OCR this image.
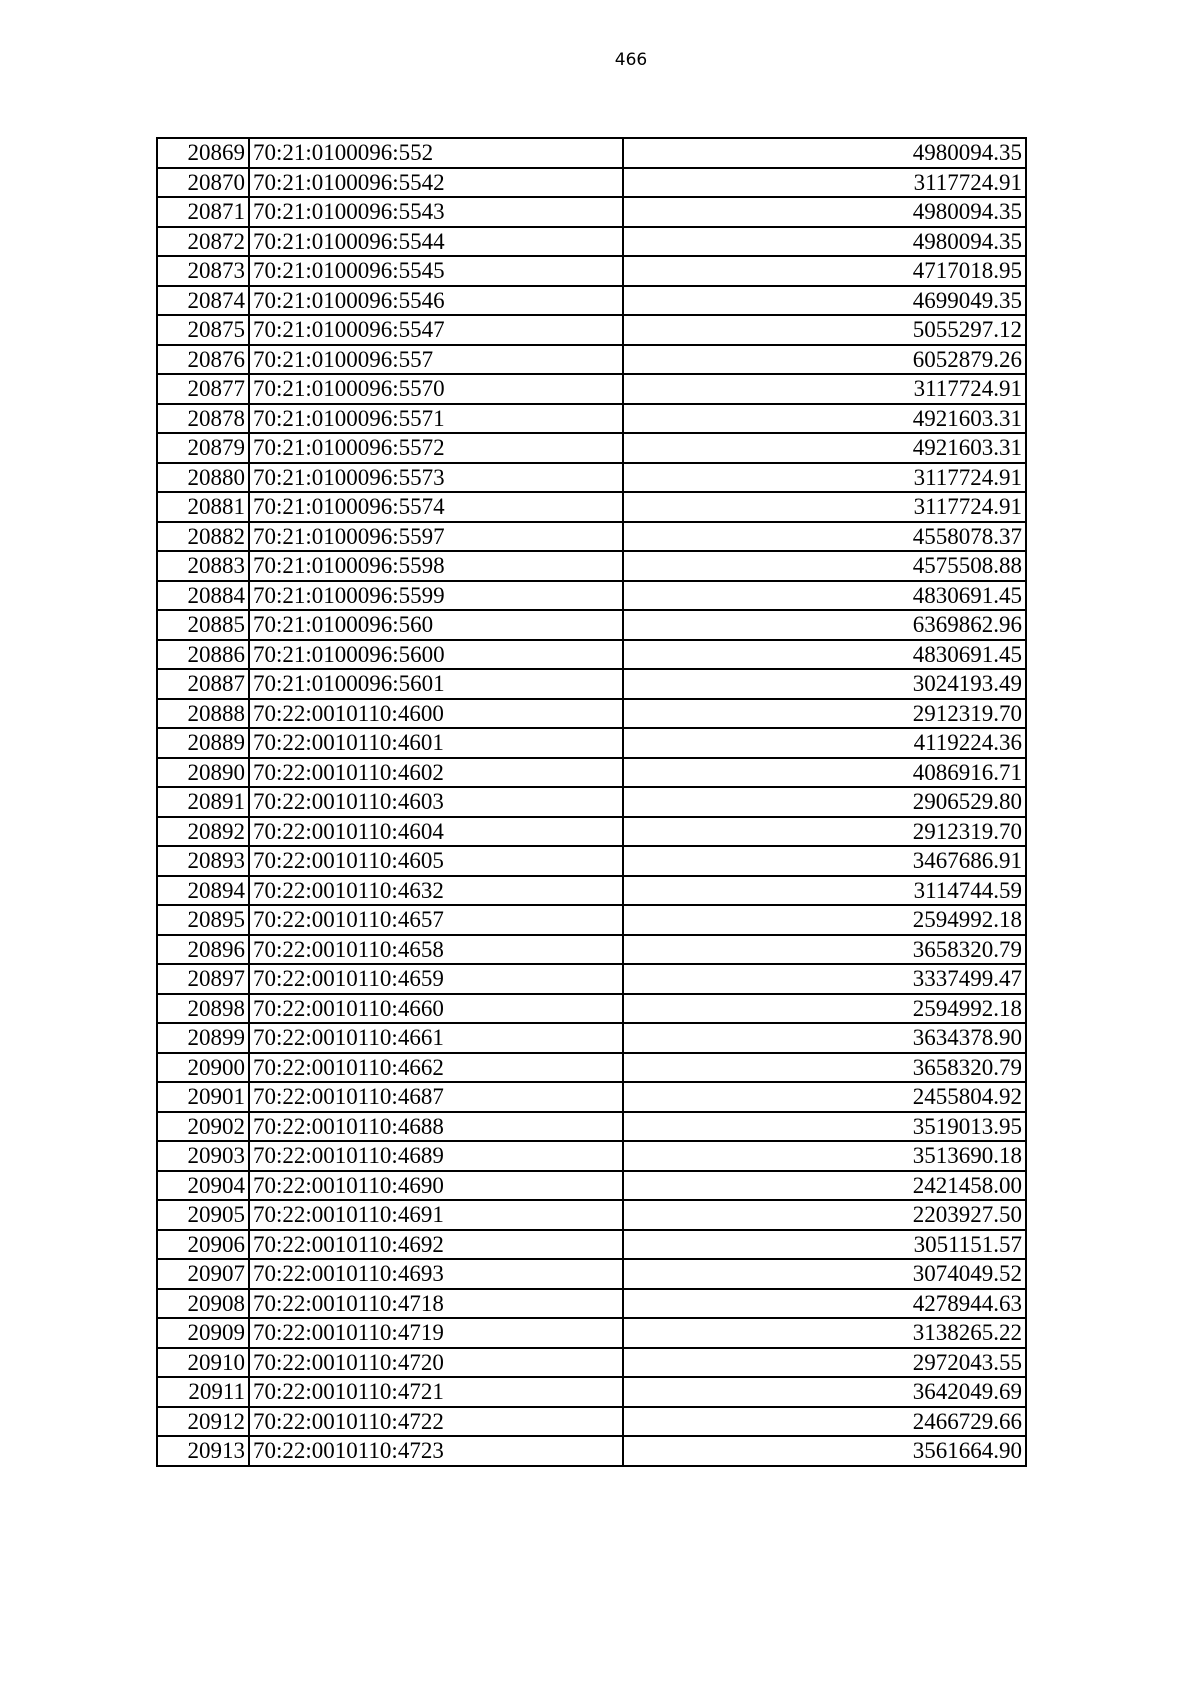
466
20869	70:21:0100096:552	4980094.35
20870	70:21:0100096:5542	3117724.91
20871	70:21:0100096:5543	4980094.35
20872	70:21:0100096:5544	4980094.35
20873	70:21:0100096:5545	4717018.95
20874	70:21:0100096:5546	4699049.35
20875	70:21:0100096:5547	5055297.12
20876	70:21:0100096:557	6052879.26
20877	70:21:0100096:5570	3117724.91
20878	70:21:0100096:5571	4921603.31
20879	70:21:0100096:5572	4921603.31
20880	70:21:0100096:5573	3117724.91
20881	70:21:0100096:5574	3117724.91
20882	70:21:0100096:5597	4558078.37
20883	70:21:0100096:5598	4575508.88
20884	70:21:0100096:5599	4830691.45
20885	70:21:0100096:560	6369862.96
20886	70:21:0100096:5600	4830691.45
20887	70:21:0100096:5601	3024193.49
20888	70:22:0010110:4600	2912319.70
20889	70:22:0010110:4601	4119224.36
20890	70:22:0010110:4602	4086916.71
20891	70:22:0010110:4603	2906529.80
20892	70:22:0010110:4604	2912319.70
20893	70:22:0010110:4605	3467686.91
20894	70:22:0010110:4632	3114744.59
20895	70:22:0010110:4657	2594992.18
20896	70:22:0010110:4658	3658320.79
20897	70:22:0010110:4659	3337499.47
20898	70:22:0010110:4660	2594992.18
20899	70:22:0010110:4661	3634378.90
20900	70:22:0010110:4662	3658320.79
20901	70:22:0010110:4687	2455804.92
20902	70:22:0010110:4688	3519013.95
20903	70:22:0010110:4689	3513690.18
20904	70:22:0010110:4690	2421458.00
20905	70:22:0010110:4691	2203927.50
20906	70:22:0010110:4692	3051151.57
20907	70:22:0010110:4693	3074049.52
20908	70:22:0010110:4718	4278944.63
20909	70:22:0010110:4719	3138265.22
20910	70:22:0010110:4720	2972043.55
20911	70:22:0010110:4721	3642049.69
20912	70:22:0010110:4722	2466729.66
20913	70:22:0010110:4723	3561664.90
